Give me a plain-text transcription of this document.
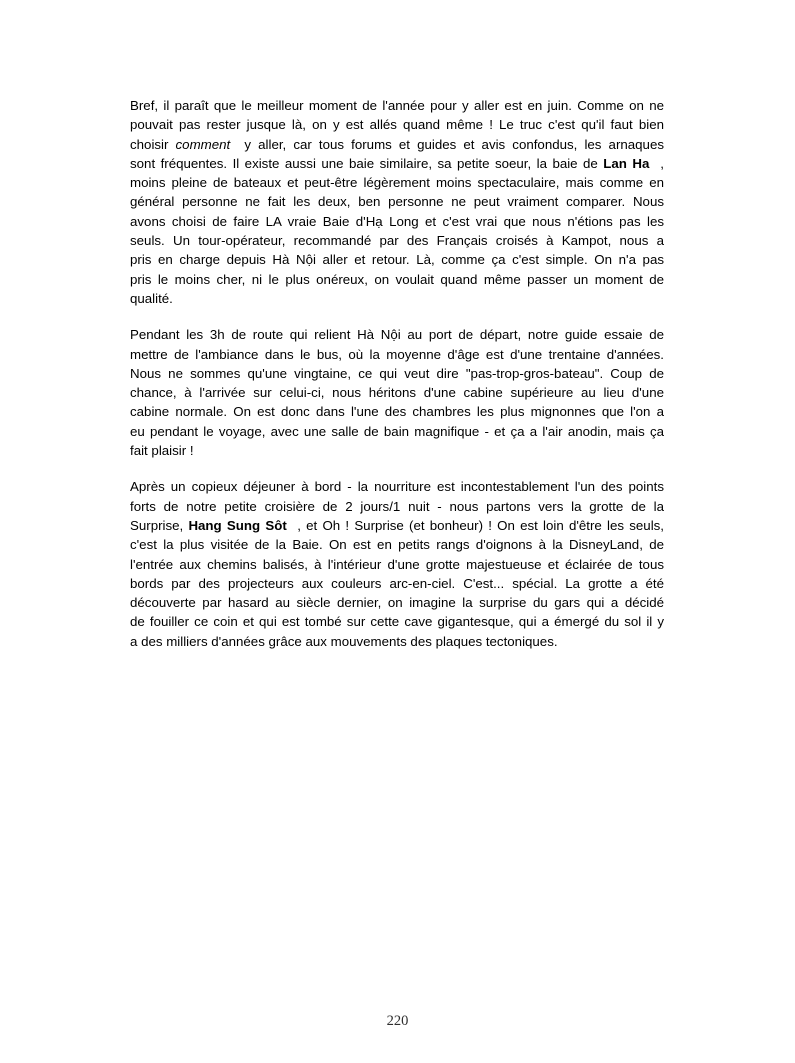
Bref, il paraît que le meilleur moment de l'année pour y aller est en juin. Comme on ne
pouvait pas rester jusque là, on y est allés quand même ! Le truc c'est qu'il faut bien
choisir comment  y aller, car tous forums et guides et avis confondus, les arnaques
sont fréquentes. Il existe aussi une baie similaire, sa petite soeur, la baie de Lan Ha  ,
moins pleine de bateaux et peut-être légèrement moins spectaculaire, mais comme en
général personne ne fait les deux, ben personne ne peut vraiment comparer. Nous
avons choisi de faire LA vraie Baie d'Hạ Long et c'est vrai que nous n'étions pas les
seuls. Un tour-opérateur, recommandé par des Français croisés à Kampot, nous a
pris en charge depuis Hà Nội aller et retour. Là, comme ça c'est simple. On n'a pas
pris le moins cher, ni le plus onéreux, on voulait quand même passer un moment de
qualité.
Pendant les 3h de route qui relient Hà Nội au port de départ, notre guide essaie de
mettre de l'ambiance dans le bus, où la moyenne d'âge est d'une trentaine d'années.
Nous ne sommes qu'une vingtaine, ce qui veut dire "pas-trop-gros-bateau". Coup de
chance, à l'arrivée sur celui-ci, nous héritons d'une cabine supérieure au lieu d'une
cabine normale. On est donc dans l'une des chambres les plus mignonnes que l'on a
eu pendant le voyage, avec une salle de bain magnifique - et ça a l'air anodin, mais ça
fait plaisir !
Après un copieux déjeuner à bord - la nourriture est incontestablement l'un des points
forts de notre petite croisière de 2 jours/1 nuit - nous partons vers la grotte de la
Surprise, Hang Sung Sôt  , et Oh ! Surprise (et bonheur) ! On est loin d'être les seuls,
c'est la plus visitée de la Baie. On est en petits rangs d'oignons à la DisneyLand, de
l'entrée aux chemins balisés, à l'intérieur d'une grotte majestueuse et éclairée de tous
bords par des projecteurs aux couleurs arc-en-ciel. C'est... spécial. La grotte a été
découverte par hasard au siècle dernier, on imagine la surprise du gars qui a décidé
de fouiller ce coin et qui est tombé sur cette cave gigantesque, qui a émergé du sol il y
a des milliers d'années grâce aux mouvements des plaques tectoniques.
220
